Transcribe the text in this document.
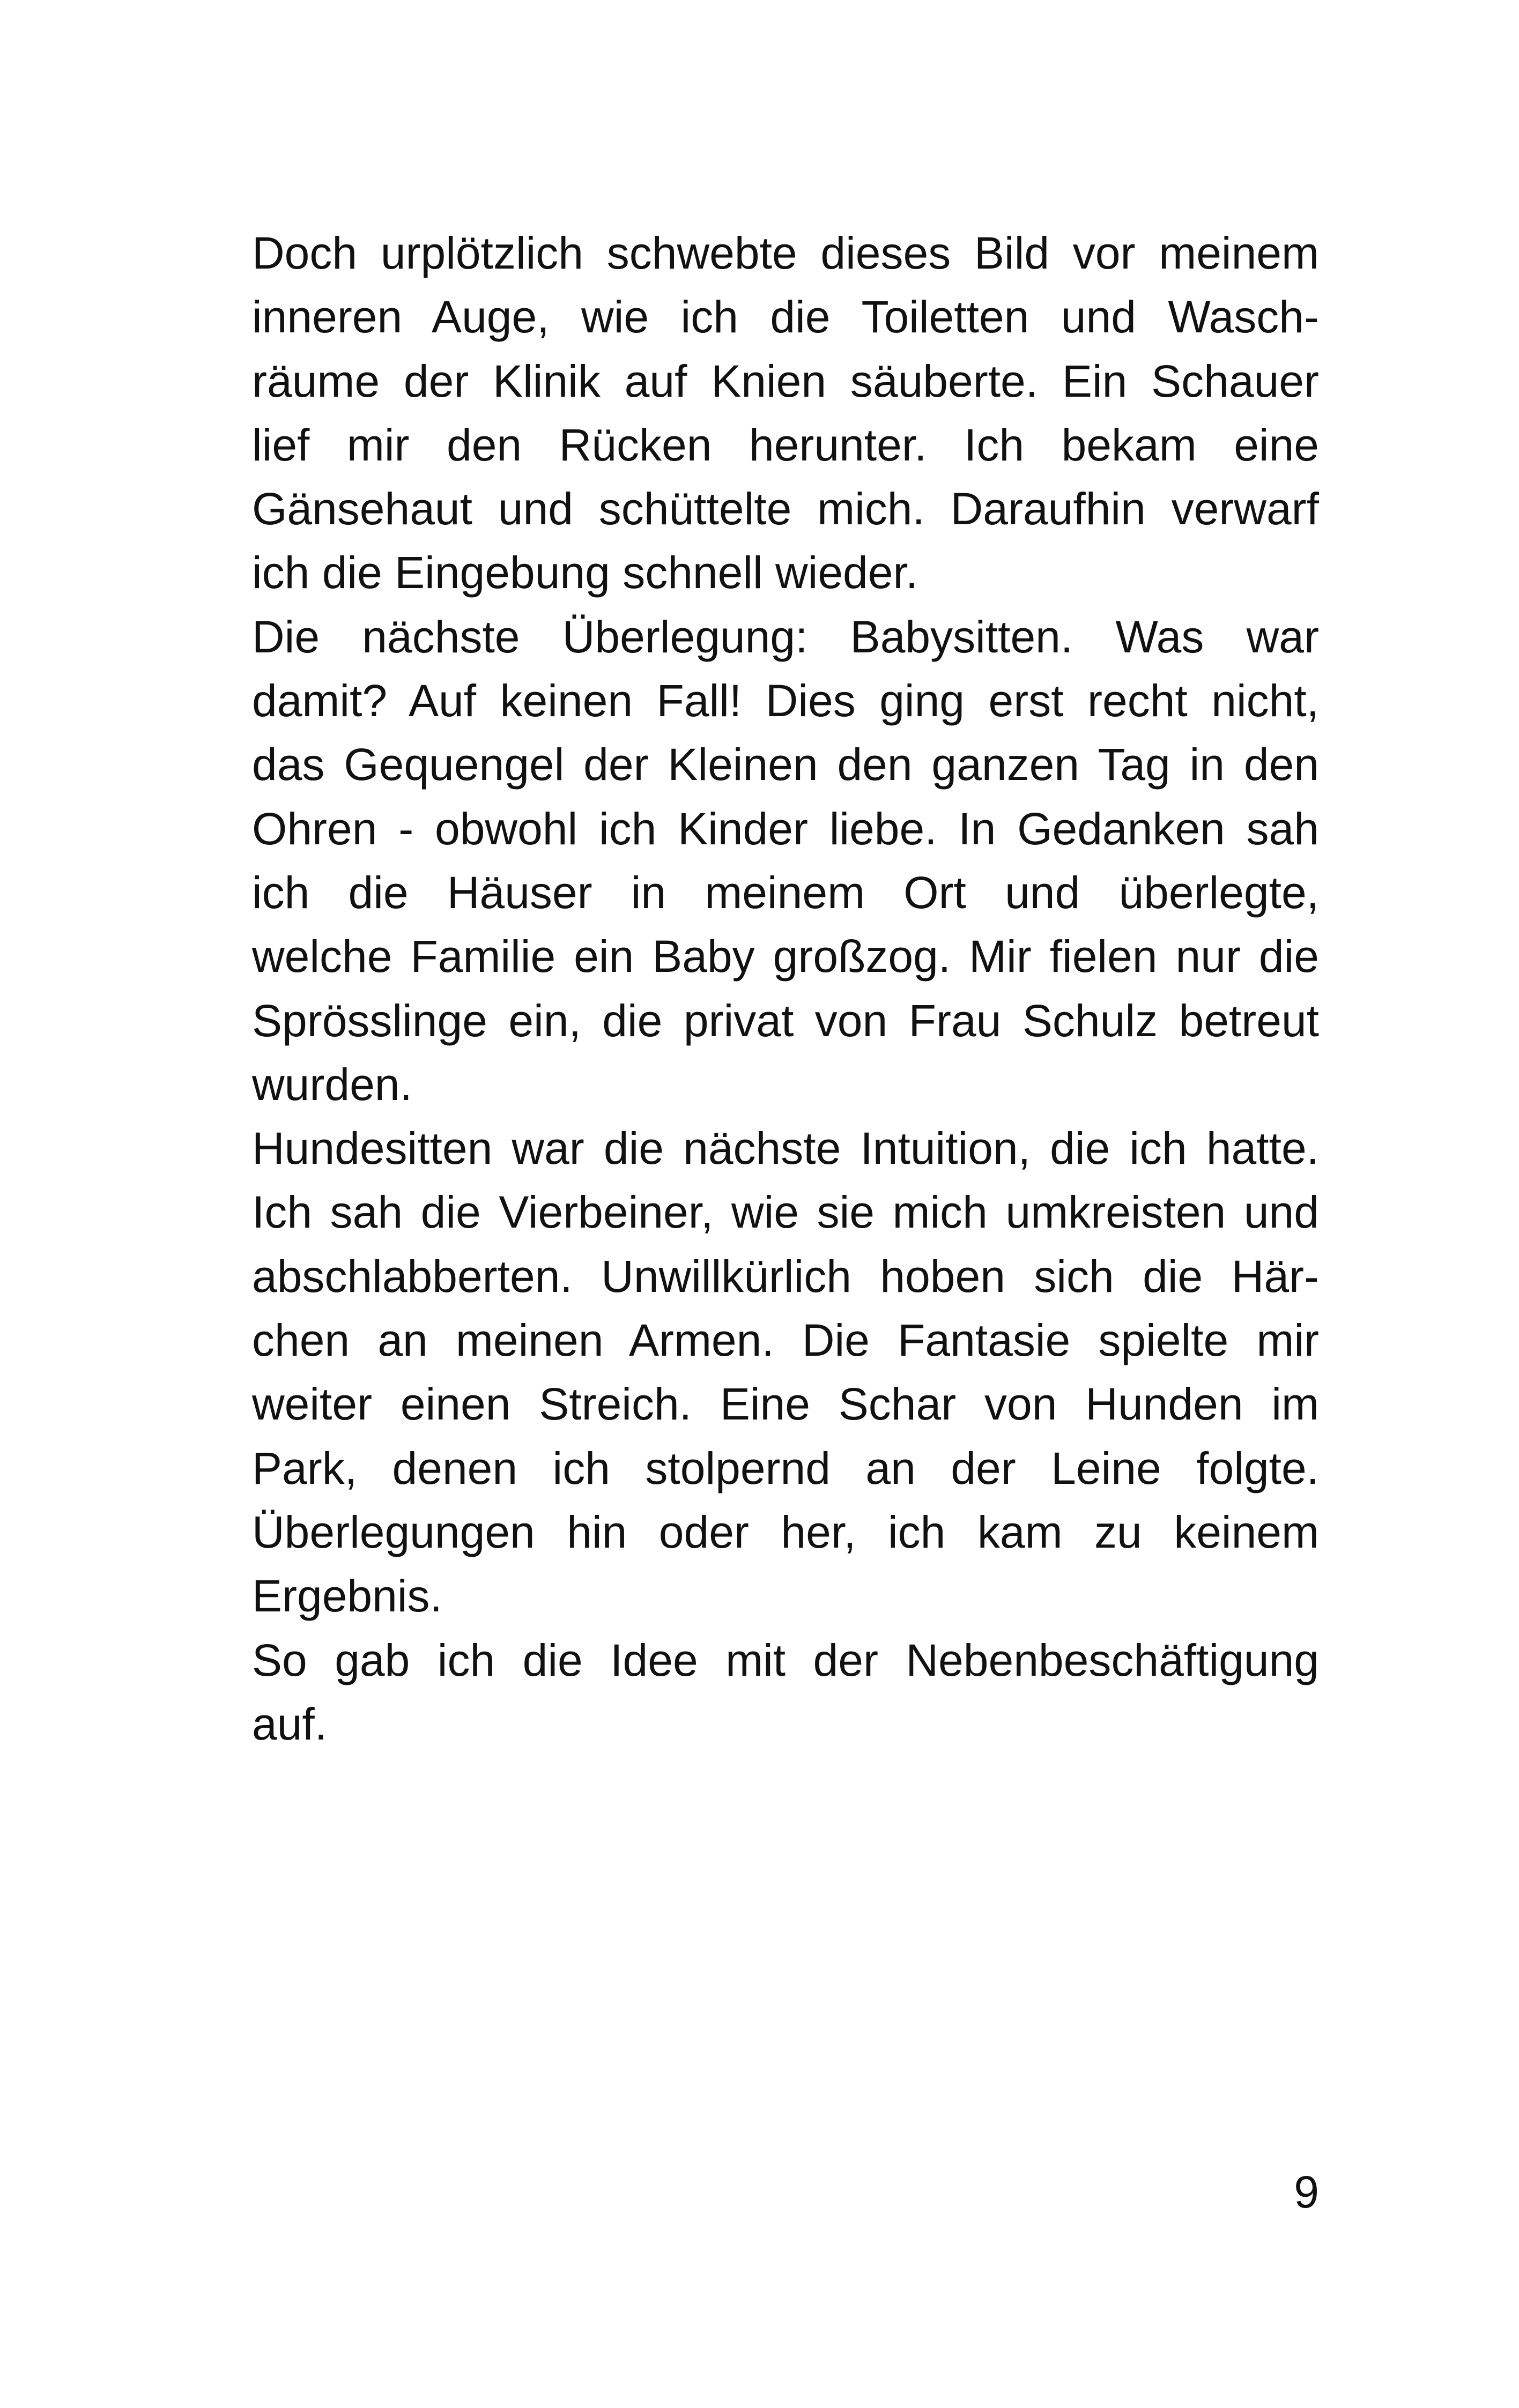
Doch urplötzlich schwebte dieses Bild vor meinem
inneren Auge, wie ich die Toiletten und Wasch-
räume der Klinik auf Knien säuberte. Ein Schauer
lief mir den Rücken herunter. Ich bekam eine
Gänsehaut und schüttelte mich. Daraufhin verwarf
ich die Eingebung schnell wieder.
Die nächste Überlegung: Babysitten. Was war
damit? Auf keinen Fall! Dies ging erst recht nicht,
das Gequengel der Kleinen den ganzen Tag in den
Ohren - obwohl ich Kinder liebe. In Gedanken sah
ich die Häuser in meinem Ort und überlegte,
welche Familie ein Baby großzog. Mir fielen nur die
Sprösslinge ein, die privat von Frau Schulz betreut
wurden.
Hundesitten war die nächste Intuition, die ich hatte.
Ich sah die Vierbeiner, wie sie mich umkreisten und
abschlabberten. Unwillkürlich hoben sich die Här-
chen an meinen Armen. Die Fantasie spielte mir
weiter einen Streich. Eine Schar von Hunden im
Park, denen ich stolpernd an der Leine folgte.
Überlegungen hin oder her, ich kam zu keinem
Ergebnis.
So gab ich die Idee mit der Nebenbeschäftigung
auf.
9
